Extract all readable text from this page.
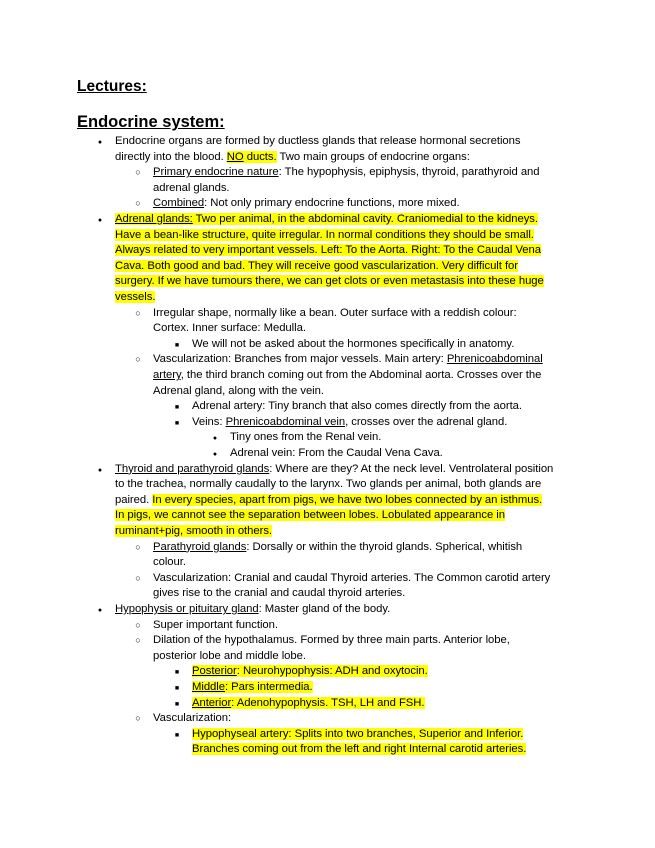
Lectures:
Endocrine system:
●
Endocrine organs are formed by ductless glands that release hormonal secretions
directly into the blood. NO ducts. Two main groups of endocrine organs:
○
Primary endocrine nature: The hypophysis, epiphysis, thyroid, parathyroid and
adrenal glands.
○
Combined: Not only primary endocrine functions, more mixed.
●
Adrenal glands: Two per animal, in the abdominal cavity. Craniomedial to the kidneys.
Have a bean-like structure, quite irregular. In normal conditions they should be small.
Always related to very important vessels. Left: To the Aorta. Right: To the Caudal Vena
Cava. Both good and bad. They will receive good vascularization. Very difficult for
surgery. If we have tumours there, we can get clots or even metastasis into these huge
vessels.
○
Irregular shape, normally like a bean. Outer surface with a reddish colour:
Cortex. Inner surface: Medulla.
■
We will not be asked about the hormones specifically in anatomy.
○
Vascularization: Branches from major vessels. Main artery: Phrenicoabdominal
artery, the third branch coming out from the Abdominal aorta. Crosses over the
Adrenal gland, along with the vein.
■
Adrenal artery: Tiny branch that also comes directly from the aorta.
■
Veins: Phrenicoabdominal vein, crosses over the adrenal gland.
●
Tiny ones from the Renal vein.
●
Adrenal vein: From the Caudal Vena Cava.
●
Thyroid and parathyroid glands: Where are they? At the neck level. Ventrolateral position
to the trachea, normally caudally to the larynx. Two glands per animal, both glands are
paired. In every species, apart from pigs, we have two lobes connected by an isthmus.
In pigs, we cannot see the separation between lobes. Lobulated appearance in
ruminant+pig, smooth in others.
○
Parathyroid glands: Dorsally or within the thyroid glands. Spherical, whitish
colour.
○
Vascularization: Cranial and caudal Thyroid arteries. The Common carotid artery
gives rise to the cranial and caudal thyroid arteries.
●
Hypophysis or pituitary gland: Master gland of the body.
○
Super important function.
○
Dilation of the hypothalamus. Formed by three main parts. Anterior lobe,
posterior lobe and middle lobe.
■
Posterior: Neurohypophysis: ADH and oxytocin.
■
Middle: Pars intermedia.
■
Anterior: Adenohypophysis. TSH, LH and FSH.
○
Vascularization:
■
Hypophyseal artery: Splits into two branches, Superior and Inferior.
Branches coming out from the left and right Internal carotid arteries.
